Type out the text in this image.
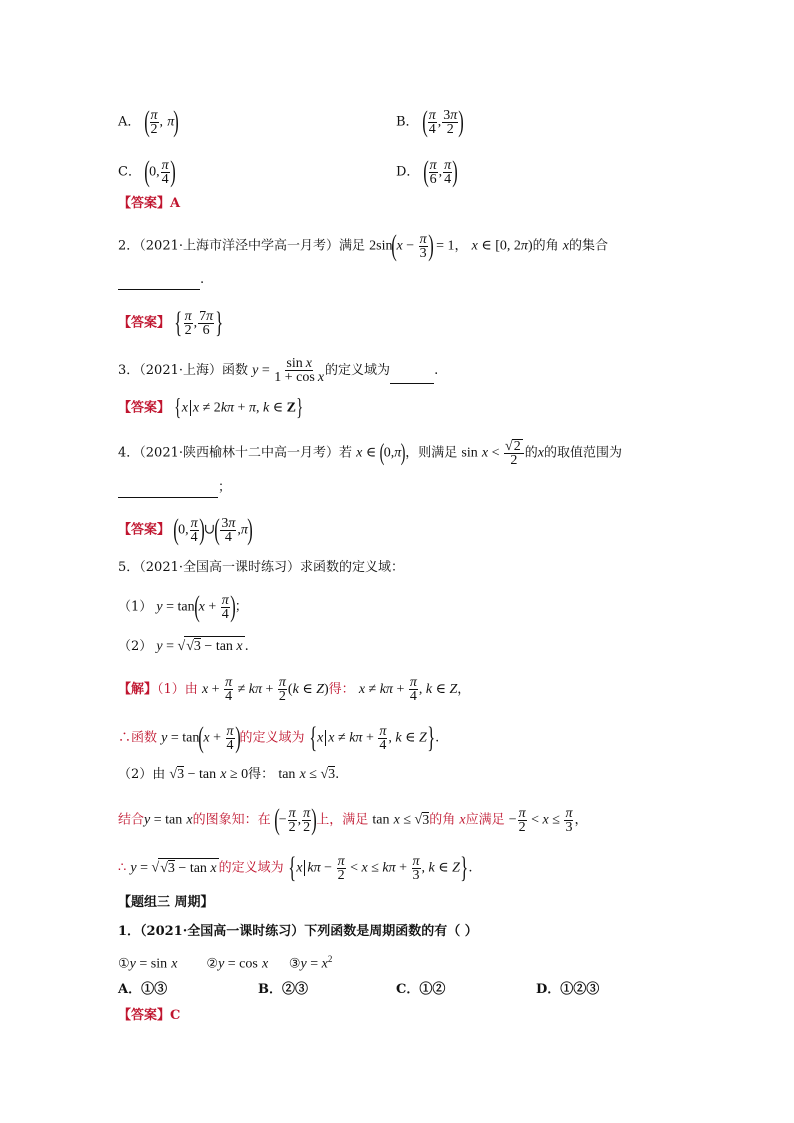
A． ( $\frac{\pi}{2}$ , π)	B． ( $\frac{\pi}{4}$ , $\frac{3\pi}{2}$ )
C． (0, $\frac{\pi}{4}$ )	D． ( $\frac{\pi}{6}$ , $\frac{\pi}{4}$ )
【答案】A
2．（2021·上海市洋泾中学高一月考）满足 $2\sin(x - \frac{\pi}{3}$ ) = 1， x ∈ [0, 2π)的角 x的集合
.
【答案】 { $\frac{\pi}{2}$ , $\frac{7\pi}{6}$ }
3．（2021·上海）函数 $y = \frac{\text{sin x}}{\text{1 + cos x}}$ 的定义域为	.
【答案】 {x x ≠ 2kπ + π, k ∈ Z}
4．（2021·陕西榆林十二中高一月考）若 x ∈ (0,π)，则满足 $\sin x < \frac{√2}{2}$ 的x的取值范围为
；
【答案】 (0, $\frac{\pi}{4}$ )∪( $\frac{3\pi}{4} ,\pi$)
5．（2021·全国高一课时练习）求函数的定义域：
（1） $y = \tan(x + \frac{\pi}{4}$ )；
（2） y = √√3 − tan x .
【解】（1）由 $x + \frac{\pi}{4} \ne k\pi + \frac{\pi}{2} (k$ ∈ Z)得： $x \ne k\pi + \frac{\pi}{4}$ , k ∈ Z，
∴函数 $y = \tan(x + \frac{\pi}{4}$ )的定义域为 {x $x \ne k\pi + \frac{\pi}{4}$ , k ∈ Z}.
（2）由 √3 − tan x ≥ 0得： tan x ≤ √3.
结合y = tan x的图象知：在 (− $\frac{\pi}{2}$ , $\frac{\pi}{2}$ )上，满足 tan x ≤ √3的角 x应满足 − $\frac{\pi}{2} < x \le \frac{\pi}{3}$ ，
∴ y = √√3 − tan x 的定义域为 {x $k\pi - \frac{\pi}{2} < x \le k\pi + \frac{\pi}{3}$ , k ∈ Z}.
【题组三 周期】
1．（2021·全国高一课时练习）下列函数是周期函数的有（ ）
①y = sin x ②y = cos x ③y = $x^2$
A．①③	B．②③	C．①②	D．①②③
【答案】C
